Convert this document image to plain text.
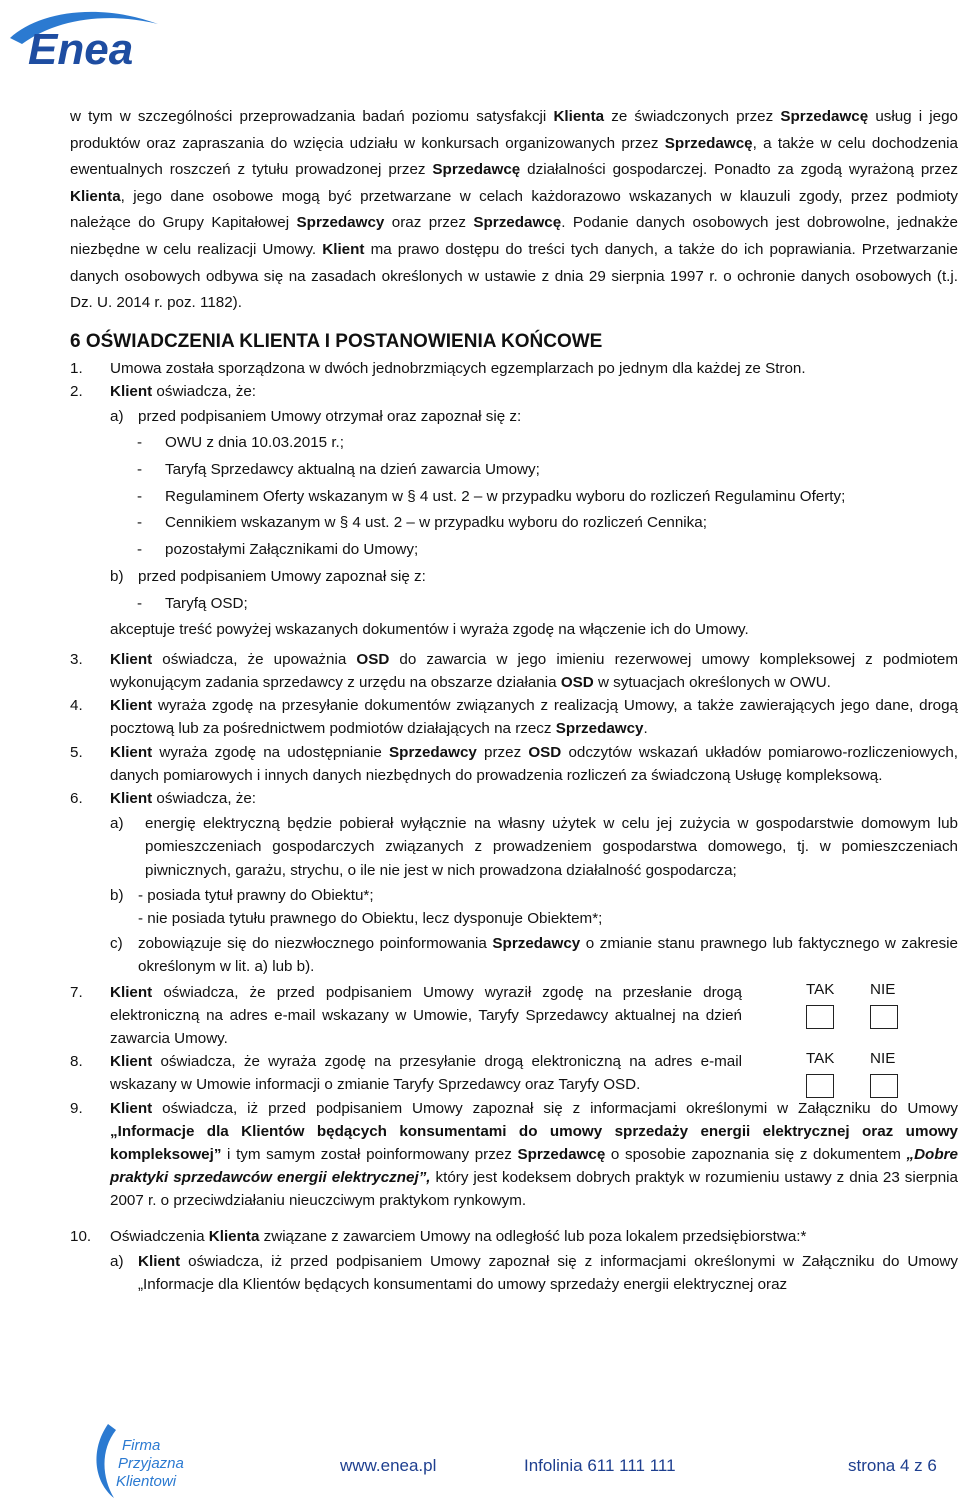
Enea

w tym w szczególności przeprowadzania badań poziomu satysfakcji Klienta ze świadczonych przez Sprzedawcę usług i jego produktów oraz zapraszania do wzięcia udziału w konkursach organizowanych przez Sprzedawcę, a także w celu dochodzenia ewentualnych roszczeń z tytułu prowadzonej przez Sprzedawcę działalności gospodarczej. Ponadto za zgodą wyrażoną przez Klienta, jego dane osobowe mogą być przetwarzane w celach każdorazowo wskazanych w klauzuli zgody, przez podmioty należące do Grupy Kapitałowej Sprzedawcy oraz przez Sprzedawcę. Podanie danych osobowych jest dobrowolne, jednakże niezbędne w celu realizacji Umowy. Klient ma prawo dostępu do treści tych danych, a także do ich poprawiania. Przetwarzanie danych osobowych odbywa się na zasadach określonych w ustawie z dnia 29 sierpnia 1997 r. o ochronie danych osobowych (t.j. Dz. U. 2014 r. poz. 1182).

6 OŚWIADCZENIA KLIENTA I POSTANOWIENIA KOŃCOWE

1. Umowa została sporządzona w dwóch jednobrzmiących egzemplarzach po jednym dla każdej ze Stron.

2. Klient oświadcza, że:

a) przed podpisaniem Umowy otrzymał oraz zapoznał się z:

- OWU z dnia 10.03.2015 r.;

- Taryfą Sprzedawcy aktualną na dzień zawarcia Umowy;

- Regulaminem Oferty wskazanym w § 4 ust. 2 – w przypadku wyboru do rozliczeń Regulaminu Oferty;

- Cennikiem wskazanym w § 4 ust. 2 – w przypadku wyboru do rozliczeń Cennika;

- pozostałymi Załącznikami do Umowy;

b) przed podpisaniem Umowy zapoznał się z:

- Taryfą OSD;

akceptuje treść powyżej wskazanych dokumentów i wyraża zgodę na włączenie ich do Umowy.

3. Klient oświadcza, że upoważnia OSD do zawarcia w jego imieniu rezerwowej umowy kompleksowej z podmiotem wykonującym zadania sprzedawcy z urzędu na obszarze działania OSD w sytuacjach określonych w OWU.

4. Klient wyraża zgodę na przesyłanie dokumentów związanych z realizacją Umowy, a także zawierających jego dane, drogą pocztową lub za pośrednictwem podmiotów działających na rzecz Sprzedawcy.

5. Klient wyraża zgodę na udostępnianie Sprzedawcy przez OSD odczytów wskazań układów pomiarowo-rozliczeniowych, danych pomiarowych i innych danych niezbędnych do prowadzenia rozliczeń za świadczoną Usługę kompleksową.

6. Klient oświadcza, że:

a) energię elektryczną będzie pobierał wyłącznie na własny użytek w celu jej zużycia w gospodarstwie domowym lub pomieszczeniach gospodarczych związanych z prowadzeniem gospodarstwa domowego, tj. w pomieszczeniach piwnicznych, garażu, strychu, o ile nie jest w nich prowadzona działalność gospodarcza;

b) - posiada tytuł prawny do Obiektu*;
- nie posiada tytułu prawnego do Obiektu, lecz dysponuje Obiektem*;

c) zobowiązuje się do niezwłocznego poinformowania Sprzedawcy o zmianie stanu prawnego lub faktycznego w zakresie określonym w lit. a) lub b).

7. Klient oświadcza, że przed podpisaniem Umowy wyraził zgodę na przesłanie drogą elektroniczną na adres e-mail wskazany w Umowie, Taryfy Sprzedawcy aktualnej na dzień zawarcia Umowy.

TAK NIE

8. Klient oświadcza, że wyraża zgodę na przesyłanie drogą elektroniczną na adres e-mail wskazany w Umowie informacji o zmianie Taryfy Sprzedawcy oraz Taryfy OSD.

TAK NIE

9. Klient oświadcza, iż przed podpisaniem Umowy zapoznał się z informacjami określonymi w Załączniku do Umowy „Informacje dla Klientów będących konsumentami do umowy sprzedaży energii elektrycznej oraz umowy kompleksowej” i tym samym został poinformowany przez Sprzedawcę o sposobie zapoznania się z dokumentem „Dobre praktyki sprzedawców energii elektrycznej”, który jest kodeksem dobrych praktyk w rozumieniu ustawy z dnia 23 sierpnia 2007 r. o przeciwdziałaniu nieuczciwym praktykom rynkowym.

10. Oświadczenia Klienta związane z zawarciem Umowy na odległość lub poza lokalem przedsiębiorstwa:*

a) Klient oświadcza, iż przed podpisaniem Umowy zapoznał się z informacjami określonymi w Załączniku do Umowy „Informacje dla Klientów będących konsumentami do umowy sprzedaży energii elektrycznej oraz

Firma
Przyjazna
Klientowi
www.enea.pl	Infolinia 611 111 111	strona 4 z 6
